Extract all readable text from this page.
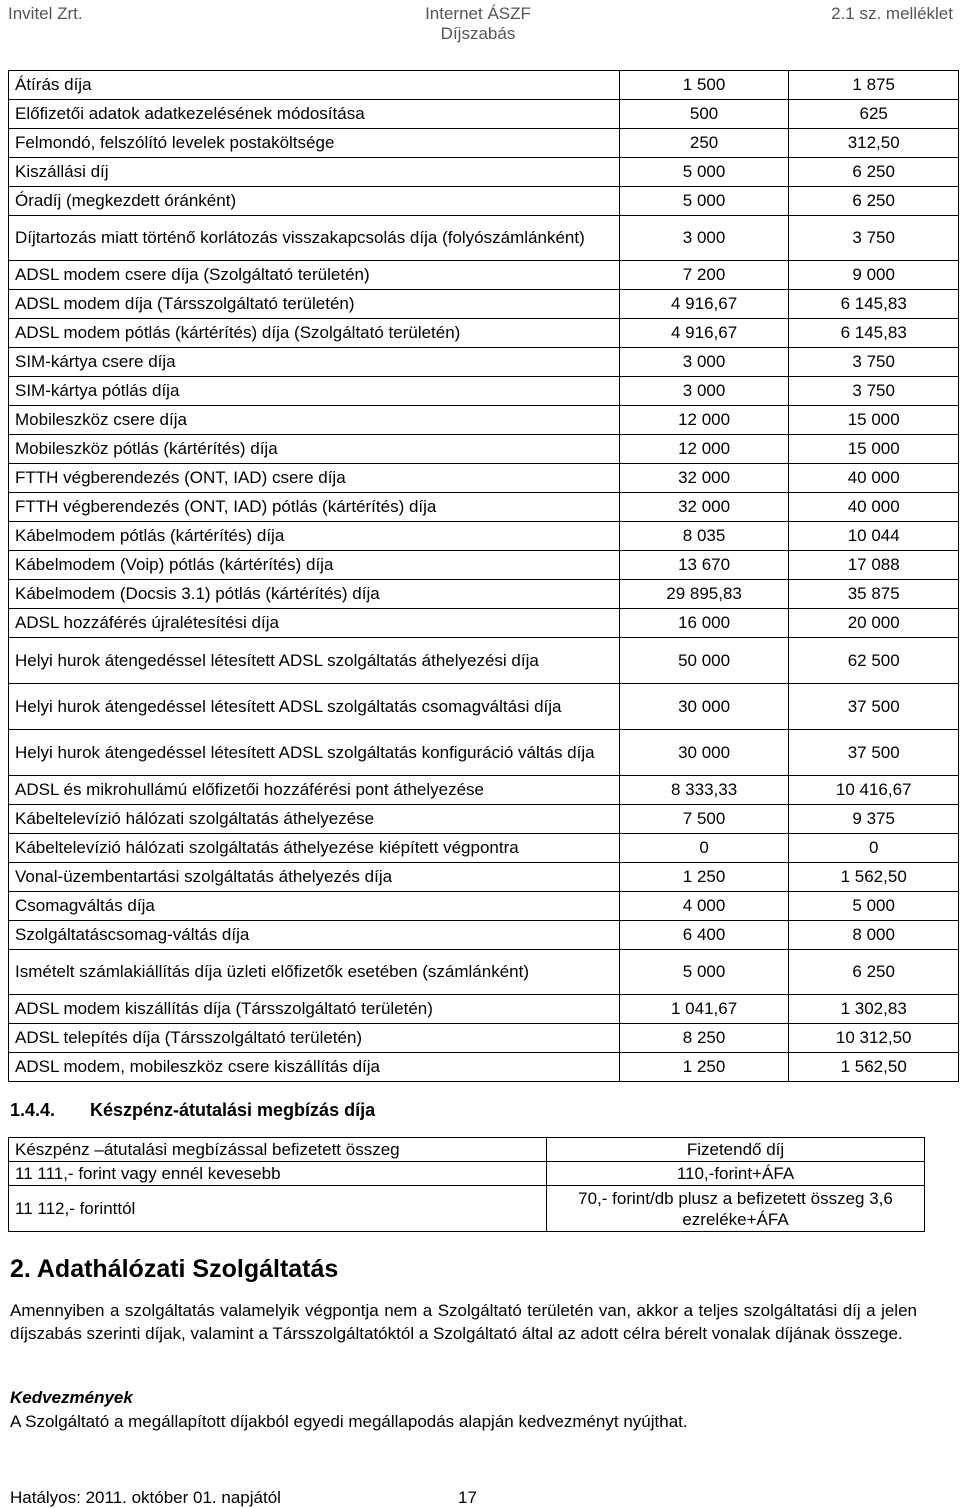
Invitel Zrt.	Internet ÁSZF
Díjszabás
2.1 sz. melléklet
Átírás díja	1 500	1 875
Előfizetői adatok adatkezelésének módosítása	500	625
Felmondó, felszólító levelek postaköltsége	250	312,50
Kiszállási díj	5 000	6 250
Óradíj (megkezdett óránként)	5 000	6 250
Díjtartozás miatt történő korlátozás visszakapcsolás díja (folyószámlánként)	3 000	3 750
ADSL modem csere díja (Szolgáltató területén)	7 200	9 000
ADSL modem díja (Társszolgáltató területén)	4 916,67	6 145,83
ADSL modem pótlás (kártérítés) díja (Szolgáltató területén)	4 916,67	6 145,83
SIM-kártya csere díja	3 000	3 750
SIM-kártya pótlás díja	3 000	3 750
Mobileszköz csere díja	12 000	15 000
Mobileszköz pótlás (kártérítés) díja	12 000	15 000
FTTH végberendezés (ONT, IAD) csere díja	32 000	40 000
FTTH végberendezés (ONT, IAD) pótlás (kártérítés) díja	32 000	40 000
Kábelmodem pótlás (kártérítés) díja	8 035	10 044
Kábelmodem (Voip) pótlás (kártérítés) díja	13 670	17 088
Kábelmodem (Docsis 3.1) pótlás (kártérítés) díja	29 895,83	35 875
ADSL hozzáférés újralétesítési díja	16 000	20 000
Helyi hurok átengedéssel létesített ADSL szolgáltatás áthelyezési díja	50 000	62 500
Helyi hurok átengedéssel létesített ADSL szolgáltatás csomagváltási díja	30 000	37 500
Helyi hurok átengedéssel létesített ADSL szolgáltatás konfiguráció váltás díja	30 000	37 500
ADSL és mikrohullámú előfizetői hozzáférési pont áthelyezése	8 333,33	10 416,67
Kábeltelevízió hálózati szolgáltatás áthelyezése	7 500	9 375
Kábeltelevízió hálózati szolgáltatás áthelyezése kiépített végpontra	0	0
Vonal-üzembentartási szolgáltatás áthelyezés díja	1 250	1 562,50
Csomagváltás díja	4 000	5 000
Szolgáltatáscsomag-váltás díja	6 400	8 000
Ismételt számlakiállítás díja üzleti előfizetők esetében (számlánként)	5 000	6 250
ADSL modem kiszállítás díja (Társszolgáltató területén)	1 041,67	1 302,83
ADSL telepítés díja (Társszolgáltató területén)	8 250	10 312,50
ADSL modem, mobileszköz csere kiszállítás díja	1 250	1 562,50
1.4.4. Készpénz-átutalási megbízás díja
Készpénz –átutalási megbízással befizetett összeg	Fizetendő díj
11 111,- forint vagy ennél kevesebb	110,-forint+ÁFA
11 112,- forinttól	70,- forint/db plusz a befizetett összeg 3,6 ezreléke+ÁFA
2. Adathálózati Szolgáltatás
Amennyiben a szolgáltatás valamelyik végpontja nem a Szolgáltató területén van, akkor a teljes szolgáltatási díj a jelen díjszabás szerinti díjak, valamint a Társszolgáltatóktól a Szolgáltató által az adott célra bérelt vonalak díjának összege.
Kedvezmények
A Szolgáltató a megállapított díjakból egyedi megállapodás alapján kedvezményt nyújthat.
Hatályos: 2011. október 01. napjától	17
